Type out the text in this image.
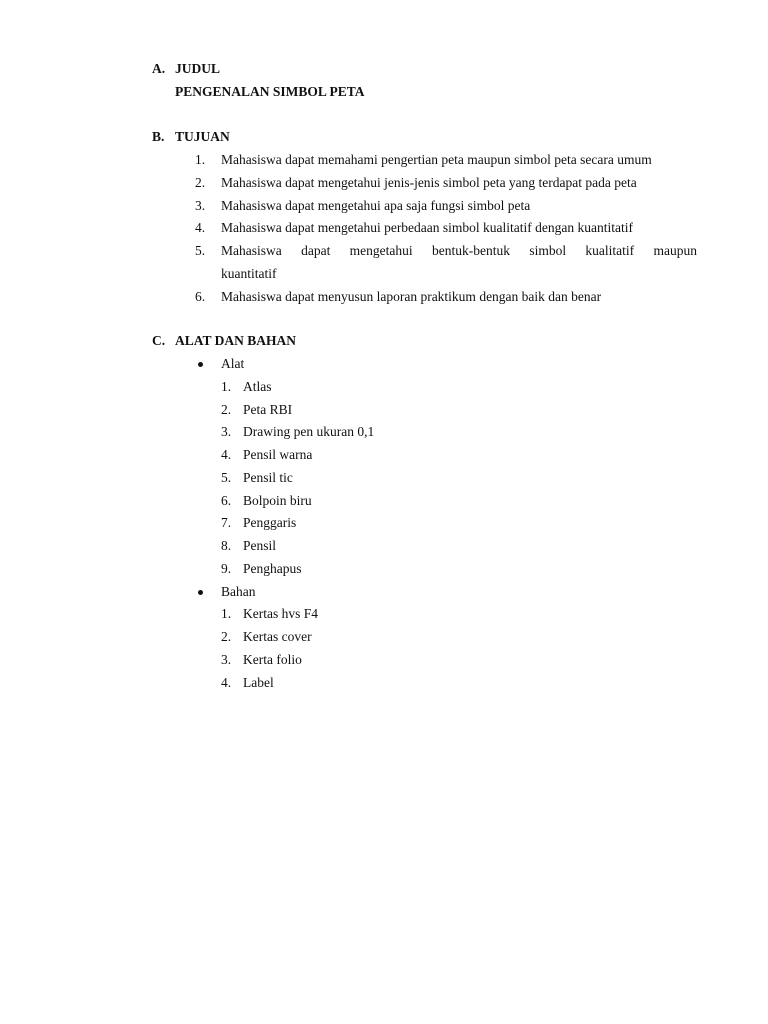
A. JUDUL
PENGENALAN SIMBOL PETA
B. TUJUAN
1. Mahasiswa dapat memahami pengertian peta maupun simbol peta secara umum
2. Mahasiswa dapat mengetahui jenis-jenis simbol peta yang terdapat pada peta
3. Mahasiswa dapat mengetahui apa saja fungsi simbol peta
4. Mahasiswa dapat mengetahui perbedaan simbol kualitatif dengan kuantitatif
5. Mahasiswa dapat mengetahui bentuk-bentuk simbol kualitatif maupun
kuantitatif
6. Mahasiswa dapat menyusun laporan praktikum dengan baik dan benar
C. ALAT DAN BAHAN
Alat
1. Atlas
2. Peta RBI
3. Drawing pen ukuran 0,1
4. Pensil warna
5. Pensil tic
6. Bolpoin biru
7. Penggaris
8. Pensil
9. Penghapus
Bahan
1. Kertas hvs F4
2. Kertas cover
3. Kerta folio
4. Label
